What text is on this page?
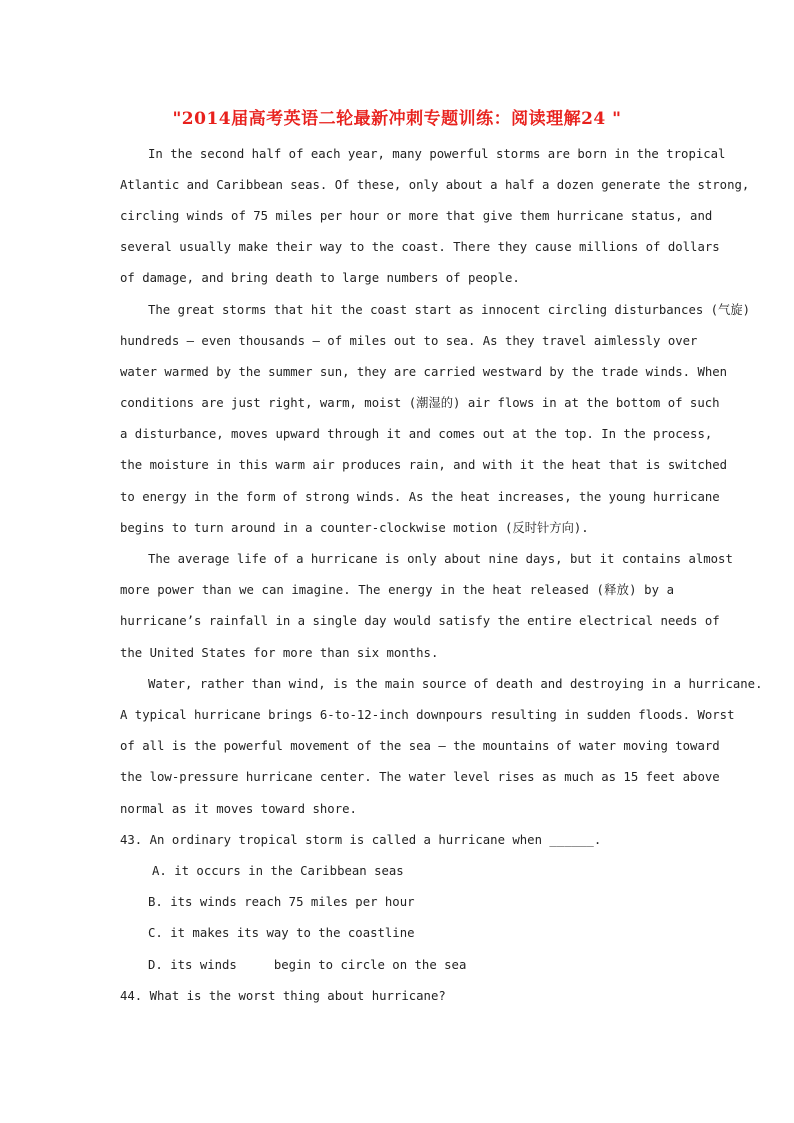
"2014届高考英语二轮最新冲刺专题训练：阅读理解24 "
In the second half of each year, many powerful storms are born in the tropical
Atlantic and Caribbean seas. Of these, only about a half a dozen generate the strong,
circling winds of 75 miles per hour or more that give them hurricane status, and
several usually make their way to the coast. There they cause millions of dollars
of damage, and bring death to large numbers of people.
The great storms that hit the coast start as innocent circling disturbances (气旋)
hundreds — even thousands — of miles out to sea. As they travel aimlessly over
water warmed by the summer sun, they are carried westward by the trade winds. When
conditions are just right, warm, moist (潮湿的) air flows in at the bottom of such
a disturbance, moves upward through it and comes out at the top. In the process,
the moisture in this warm air produces rain, and with it the heat that is switched
to energy in the form of strong winds. As the heat increases, the young hurricane
begins to turn around in a counter-clockwise motion (反时针方向).
The average life of a hurricane is only about nine days, but it contains almost
more power than we can imagine. The energy in the heat released (释放) by a
hurricane’s rainfall in a single day would satisfy the entire electrical needs of
the United States for more than six months.
Water, rather than wind, is the main source of death and destroying in a hurricane.
A typical hurricane brings 6-to-12-inch downpours resulting in sudden floods. Worst
of all is the powerful movement of the sea — the mountains of water moving toward
the low-pressure hurricane center. The water level rises as much as 15 feet above
normal as it moves toward shore.
43. An ordinary tropical storm is called a hurricane when ______.
A. it occurs in the Caribbean seas
B. its winds reach 75 miles per hour
C. it makes its way to the coastline
D. its winds     begin to circle on the sea
44. What is the worst thing about hurricane?
